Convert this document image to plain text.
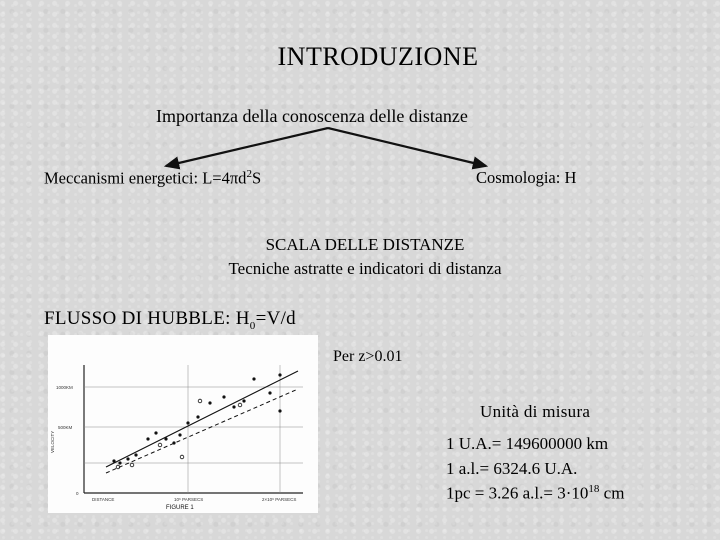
INTRODUZIONE
Importanza della conoscenza delle distanze
Meccanismi energetici: $L=4\pi d^2S$	Cosmologia: H
SCALA DELLE DISTANZE
Tecniche astratte e indicatori di distanza
FLUSSO DI HUBBLE: $H_0=V/d$
1000KM
500KM
0
VELOCITY
DISTANCE	10⁶ PARSECS	2×10⁶ PARSECS
FIGURE 1
Per z>0.01
Unità di misura
1 U.A.= 149600000 km
1 a.l.= 6324.6 U.A.
1pc = 3.26 $a.l.= 3\cdot 10^{18}$ cm
